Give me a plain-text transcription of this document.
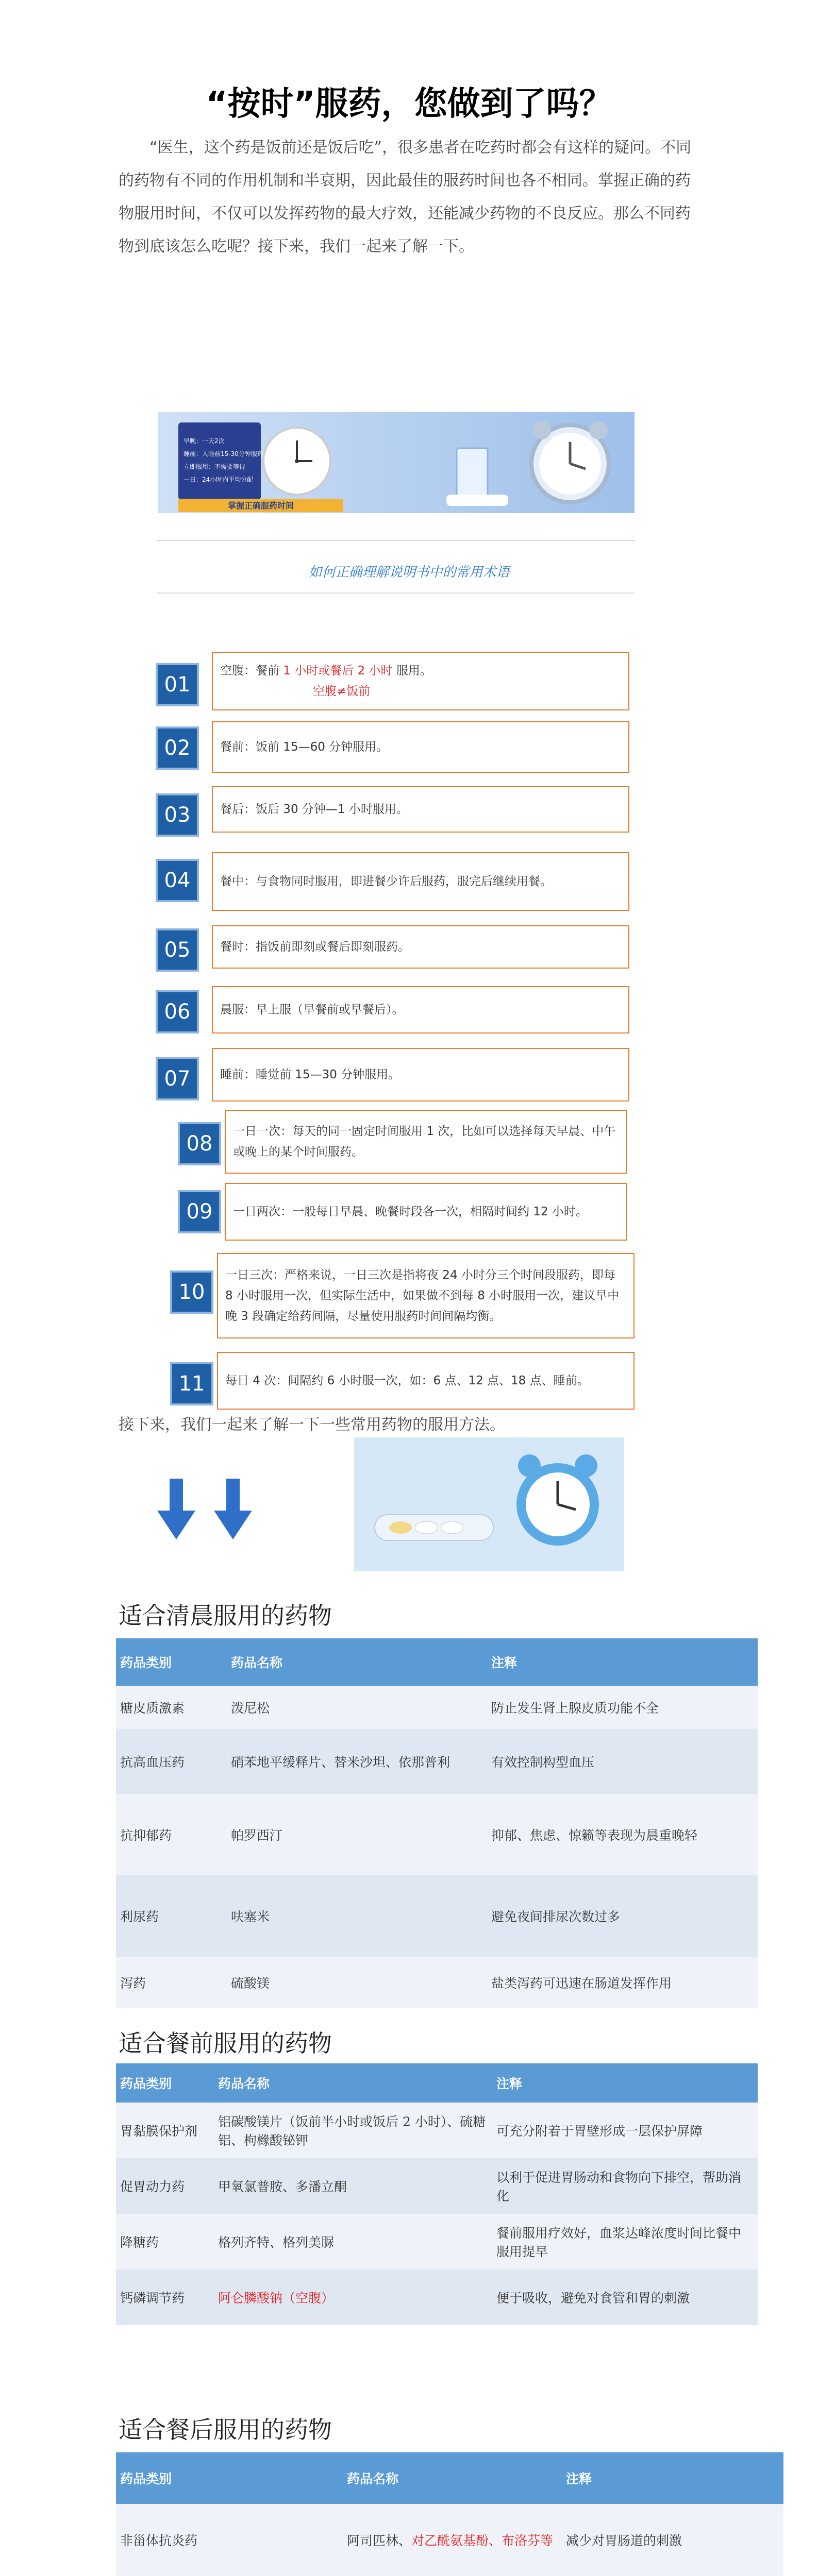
“按时”服药，您做到了吗？
“医生，这个药是饭前还是饭后吃”，很多患者在吃药时都会有这样的疑问。不同的药物有不同的作用机制和半衰期，因此最佳的服药时间也各不相同。掌握正确的药物服用时间，不仅可以发挥药物的最大疗效，还能减少药物的不良反应。那么不同药物到底该怎么吃呢？接下来，我们一起来了解一下。
早晚：一天2次
睡前：入睡前15-30分钟服药
立即服用：不需要等待
一日：24小时内平均分配
掌握正确服药时间
如何正确理解说明书中的常用术语
01
空腹：餐前 1 小时或餐后 2 小时 服用。
空腹≠饭前
02	餐前：饭前 15—60 分钟服用。
03	餐后：饭后 30 分钟—1 小时服用。
04	餐中：与食物同时服用，即进餐少许后服药，服完后继续用餐。
05	餐时：指饭前即刻或餐后即刻服药。
06	晨服：早上服（早餐前或早餐后）。
07	睡前：睡觉前 15—30 分钟服用。
08
一日一次：每天的同一固定时间服用 1 次，比如可以选择每天早晨、中午或晚上的某个时间服药。
09	一日两次：一般每日早晨、晚餐时段各一次，相隔时间约 12 小时。
10
一日三次：严格来说，一日三次是指将夜 24 小时分三个时间段服药，即每 8 小时服用一次，但实际生活中，如果做不到每 8 小时服用一次，建议早中晚 3 段确定给药间隔，尽量使用服药时间间隔均衡。
11	每日 4 次：间隔约 6 小时服一次，如：6 点、12 点、18 点、睡前。
接下来，我们一起来了解一下一些常用药物的服用方法。
适合清晨服用的药物
药品类别	药品名称	注释
糖皮质激素	泼尼松	防止发生肾上腺皮质功能不全
抗高血压药	硝苯地平缓释片、替米沙坦、依那普利	有效控制构型血压
抗抑郁药	帕罗西汀	抑郁、焦虑、惊籁等表现为晨重晚轻
利尿药	呋塞米	避免夜间排尿次数过多
泻药	硫酸镁	盐类泻药可迅速在肠道发挥作用
适合餐前服用的药物
药品类别	药品名称	注释
胃黏膜保护剂	铝碳酸镁片（饭前半小时或饭后 2 小时）、硫糖铝、枸橼酸铋钾	可充分附着于胃壁形成一层保护屏障
促胃动力药	甲氧氯普胺、多潘立酮	以利于促进胃肠动和食物向下排空，帮助消化
降糖药	格列齐特、格列美脲	餐前服用疗效好，血浆达峰浓度时间比餐中服用提早
钙磷调节药	阿仑膦酸钠（空腹）	便于吸收，避免对食管和胃的刺激
适合餐后服用的药物
药品类别	药品名称	注释
非甾体抗炎药	阿司匹林、对乙酰氨基酚、布洛芬等	减少对胃肠道的刺激
